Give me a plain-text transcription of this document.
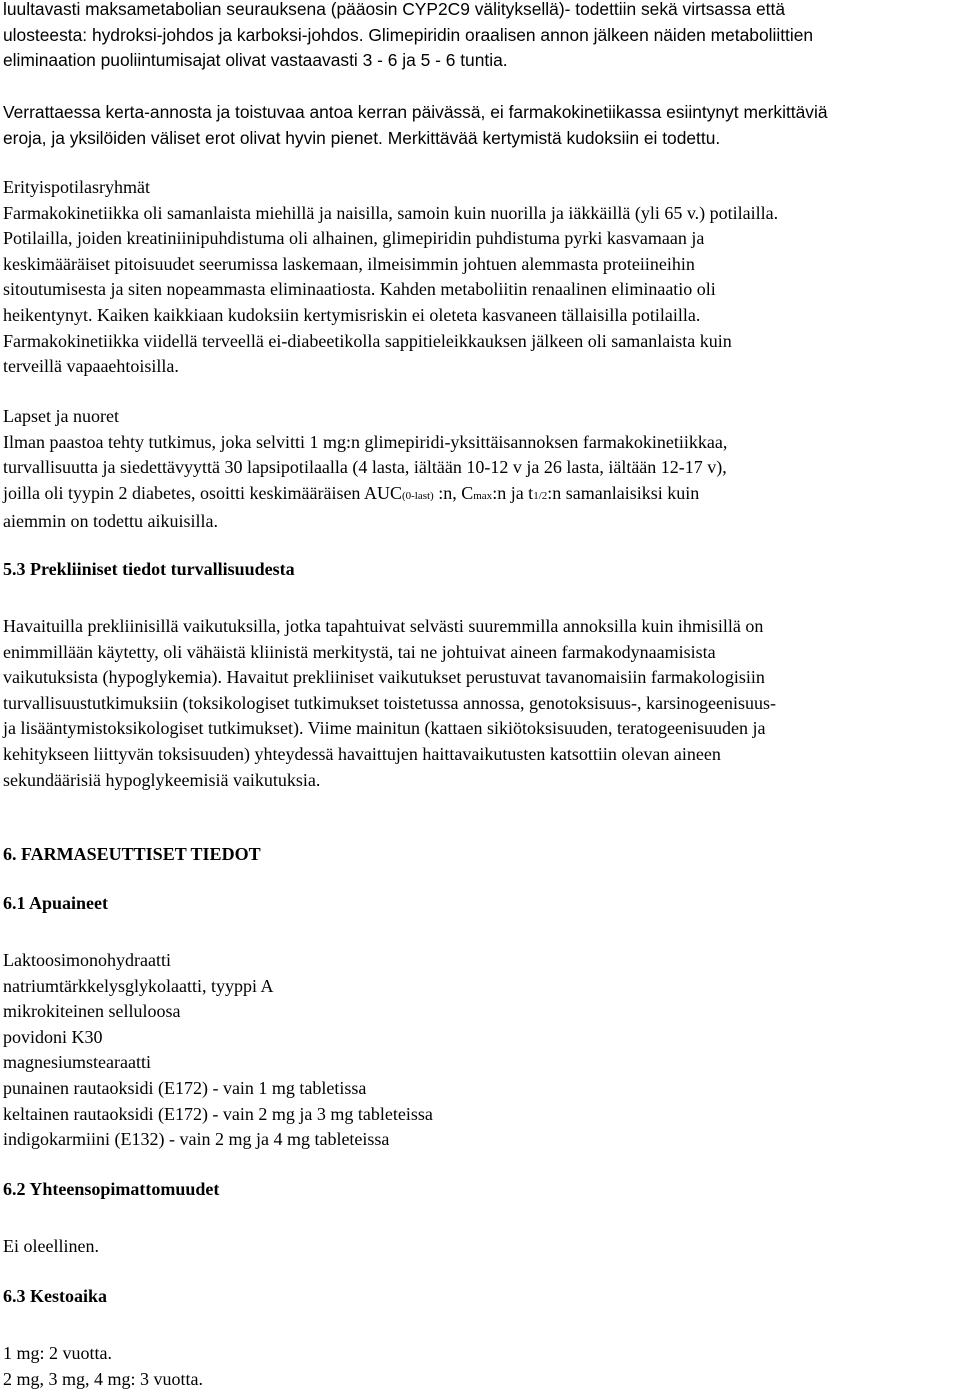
luultavasti maksametabolian seurauksena (pääosin CYP2C9 välityksellä)- todettiin sekä virtsassa että
ulosteesta: hydroksi-johdos ja karboksi-johdos. Glimepiridin oraalisen annon jälkeen näiden metaboliittien
eliminaation puoliintumisajat olivat vastaavasti 3 - 6 ja 5 - 6 tuntia.
Verrattaessa kerta-annosta ja toistuvaa antoa kerran päivässä, ei farmakokinetiikassa esiintynyt merkittäviä
eroja, ja yksilöiden väliset erot olivat hyvin pienet. Merkittävää kertymistä kudoksiin ei todettu.
Erityispotilasryhmät
Farmakokinetiikka oli samanlaista miehillä ja naisilla, samoin kuin nuorilla ja iäkkäillä (yli 65 v.) potilailla.
Potilailla, joiden kreatiniinipuhdistuma oli alhainen, glimepiridin puhdistuma pyrki kasvamaan ja
keskimääräiset pitoisuudet seerumissa laskemaan, ilmeisimmin johtuen alemmasta proteiineihin
sitoutumisesta ja siten nopeammasta eliminaatiosta. Kahden metaboliitin renaalinen eliminaatio oli
heikentynyt. Kaiken kaikkiaan kudoksiin kertymisriskin ei oleteta kasvaneen tällaisilla potilailla.
Farmakokinetiikka viidellä terveellä ei-diabeetikolla sappitieleikkauksen jälkeen oli samanlaista kuin
terveillä vapaaehtoisilla.
Lapset ja nuoret
Ilman paastoa tehty tutkimus, joka selvitti 1 mg:n glimepiridi-yksittäisannoksen farmakokinetiikkaa,
turvallisuutta ja siedettävyyttä 30 lapsipotilaalla (4 lasta, iältään 10-12 v ja 26 lasta, iältään 12-17 v),
joilla oli tyypin 2 diabetes, osoitti keskimääräisen AUC(0-last) :n, Cmax:n ja t1/2:n samanlaisiksi kuin
aiemmin on todettu aikuisilla.
5.3 Prekliiniset tiedot turvallisuudesta
Havaituilla prekliinisillä vaikutuksilla, jotka tapahtuivat selvästi suuremmilla annoksilla kuin ihmisillä on
enimmillään käytetty, oli vähäistä kliinistä merkitystä, tai ne johtuivat aineen farmakodynaamisista
vaikutuksista (hypoglykemia). Havaitut prekliiniset vaikutukset perustuvat tavanomaisiin farmakologisiin
turvallisuustutkimuksiin (toksikologiset tutkimukset toistetussa annossa, genotoksisuus-, karsinogeenisuus-
ja lisääntymistoksikologiset tutkimukset). Viime mainitun (kattaen sikiötoksisuuden, teratogeenisuuden ja
kehitykseen liittyvän toksisuuden) yhteydessä havaittujen haittavaikutusten katsottiin olevan aineen
sekundäärisiä hypoglykeemisiä vaikutuksia.
6. FARMASEUTTISET TIEDOT
6.1 Apuaineet
Laktoosimonohydraatti
natriumtärkkelysglykolaatti, tyyppi A
mikrokiteinen selluloosa
povidoni K30
magnesiumstearaatti
punainen rautaoksidi (E172) - vain 1 mg tabletissa
keltainen rautaoksidi (E172) - vain 2 mg ja 3 mg tableteissa
indigokarmiini (E132) - vain 2 mg ja 4 mg tableteissa
6.2 Yhteensopimattomuudet
Ei oleellinen.
6.3 Kestoaika
1 mg: 2 vuotta.
2 mg, 3 mg, 4 mg: 3 vuotta.
